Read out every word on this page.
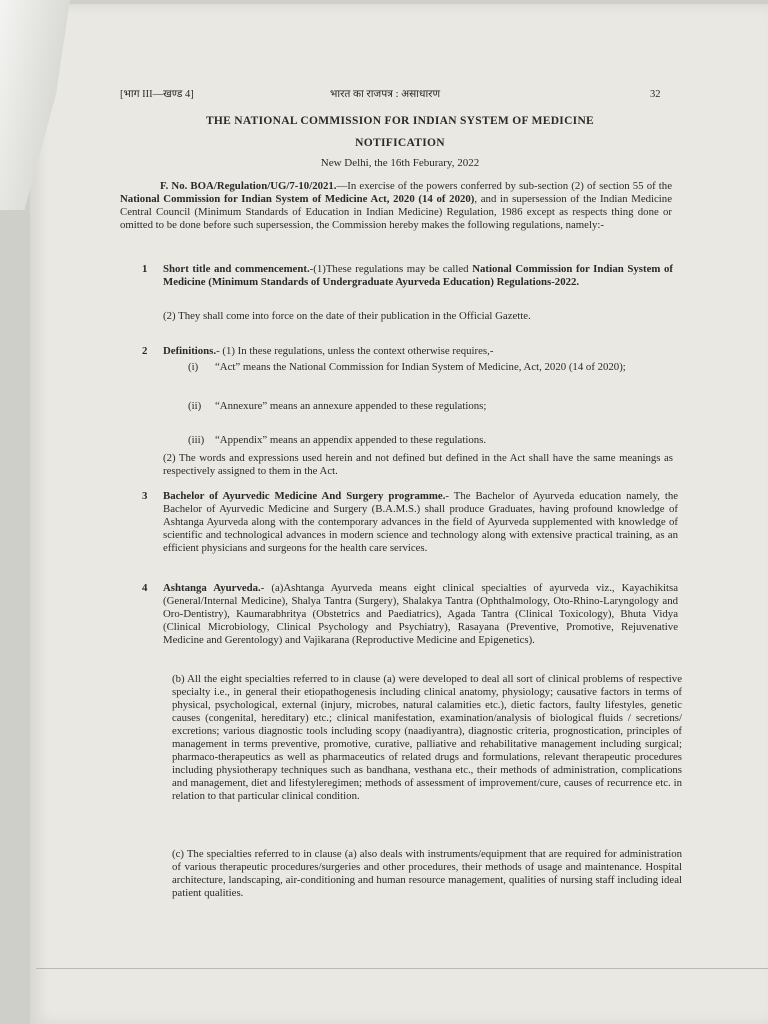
[भाग III—खण्ड 4]	भारत का राजपत्र : असाधारण	32
THE NATIONAL COMMISSION FOR INDIAN SYSTEM OF MEDICINE
NOTIFICATION
New Delhi, the 16th Feburary, 2022
F. No. BOA/Regulation/UG/7-10/2021.—In exercise of the powers conferred by sub-section (2) of section 55 of the National Commission for Indian System of Medicine Act, 2020 (14 of 2020), and in supersession of the Indian Medicine Central Council (Minimum Standards of Education in Indian Medicine) Regulation, 1986 except as respects thing done or omitted to be done before such supersession, the Commission hereby makes the following regulations, namely:-
1 Short title and commencement.-(1)These regulations may be called National Commission for Indian System of Medicine (Minimum Standards of Undergraduate Ayurveda Education) Regulations-2022.
(2) They shall come into force on the date of their publication in the Official Gazette.
2 Definitions.- (1) In these regulations, unless the context otherwise requires,-
(i) “Act” means the National Commission for Indian System of Medicine, Act, 2020 (14 of 2020);
(ii) “Annexure” means an annexure appended to these regulations;
(iii) “Appendix” means an appendix appended to these regulations.
(2) The words and expressions used herein and not defined but defined in the Act shall have the same meanings as respectively assigned to them in the Act.
3 Bachelor of Ayurvedic Medicine And Surgery programme.- The Bachelor of Ayurveda education namely, the Bachelor of Ayurvedic Medicine and Surgery (B.A.M.S.) shall produce Graduates, having profound knowledge of Ashtanga Ayurveda along with the contemporary advances in the field of Ayurveda supplemented with knowledge of scientific and technological advances in modern science and technology along with extensive practical training, as an efficient physicians and surgeons for the health care services.
4 Ashtanga Ayurveda.- (a)Ashtanga Ayurveda means eight clinical specialties of ayurveda viz., Kayachikitsa (General/Internal Medicine), Shalya Tantra (Surgery), Shalakya Tantra (Ophthalmology, Oto-Rhino-Laryngology and Oro-Dentistry), Kaumarabhritya (Obstetrics and Paediatrics), Agada Tantra (Clinical Toxicology), Bhuta Vidya (Clinical Microbiology, Clinical Psychology and Psychiatry), Rasayana (Preventive, Promotive, Rejuvenative Medicine and Gerentology) and Vajikarana (Reproductive Medicine and Epigenetics).
(b) All the eight specialties referred to in clause (a) were developed to deal all sort of clinical problems of respective specialty i.e., in general their etiopathogenesis including clinical anatomy, physiology; causative factors in terms of physical, psychological, external (injury, microbes, natural calamities etc.), dietic factors, faulty lifestyles, genetic causes (congenital, hereditary) etc.; clinical manifestation, examination/analysis of biological fluids / secretions/ excretions; various diagnostic tools including scopy (naadiyantra), diagnostic criteria, prognostication, principles of management in terms preventive, promotive, curative, palliative and rehabilitative management including surgical; pharmaco-therapeutics as well as pharmaceutics of related drugs and formulations, relevant therapeutic procedures including physiotherapy techniques such as bandhana, vesthana etc., their methods of administration, complications and management, diet and lifestyleregimen; methods of assessment of improvement/cure, causes of recurrence etc. in relation to that particular clinical condition.
(c) The specialties referred to in clause (a) also deals with instruments/equipment that are required for administration of various therapeutic procedures/surgeries and other procedures, their methods of usage and maintenance. Hospital architecture, landscaping, air-conditioning and human resource management, qualities of nursing staff including ideal patient qualities.
